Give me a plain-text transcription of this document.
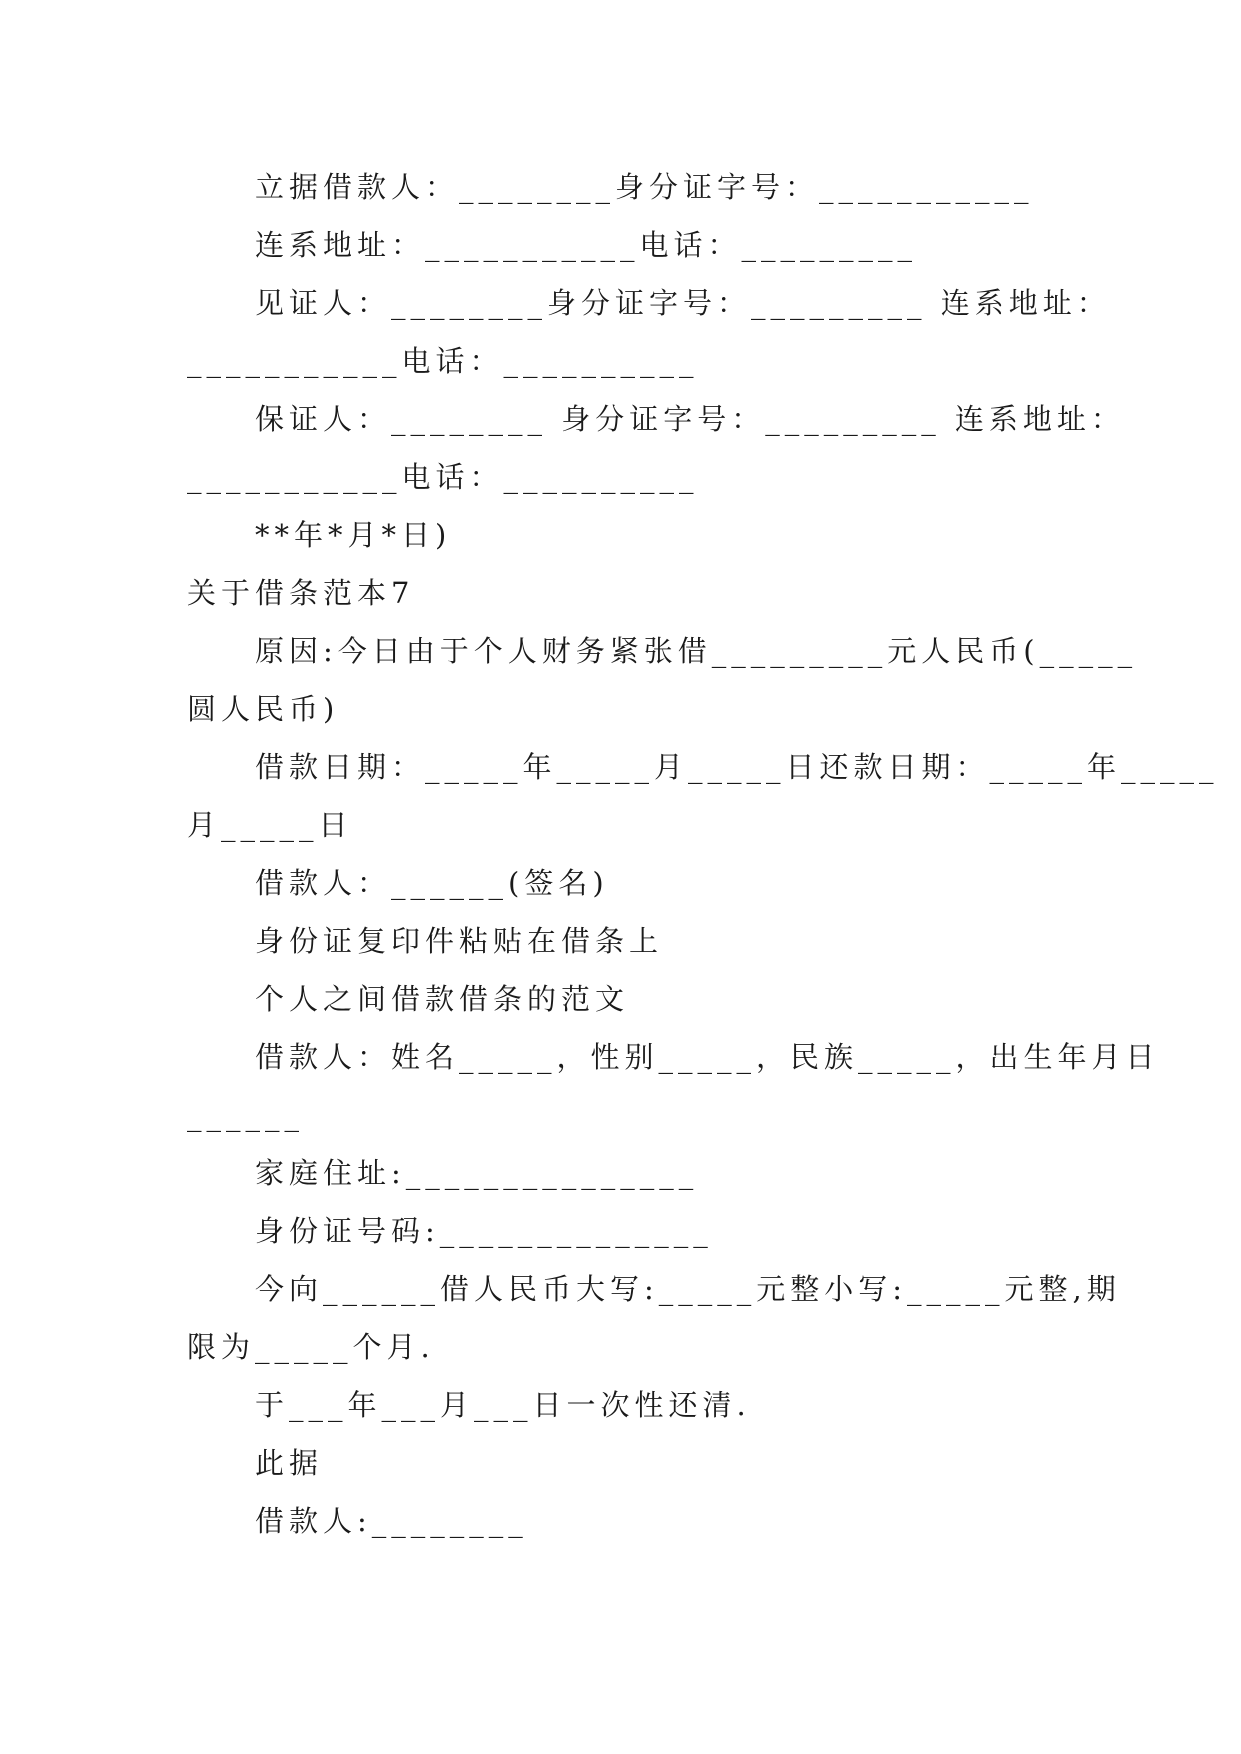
立据借款人：________身分证字号：___________
连系地址：___________电话：_________
见证人：________身分证字号：_________ 连系地址：
___________电话：__________
保证人：________ 身分证字号：_________ 连系地址：
___________电话：__________
**年*月*日)
关于借条范本7
原因:今日由于个人财务紧张借_________元人民币(_____
圆人民币)
借款日期：_____年_____月_____日还款日期：_____年_____
月_____日
借款人：______(签名)
身份证复印件粘贴在借条上
个人之间借款借条的范文
借款人：姓名_____，性别_____，民族_____，出生年月日
______
家庭住址:_______________
身份证号码:______________
今向______借人民币大写:_____元整小写:_____元整,期
限为_____个月.
于___年___月___日一次性还清.
此据
借款人:________
